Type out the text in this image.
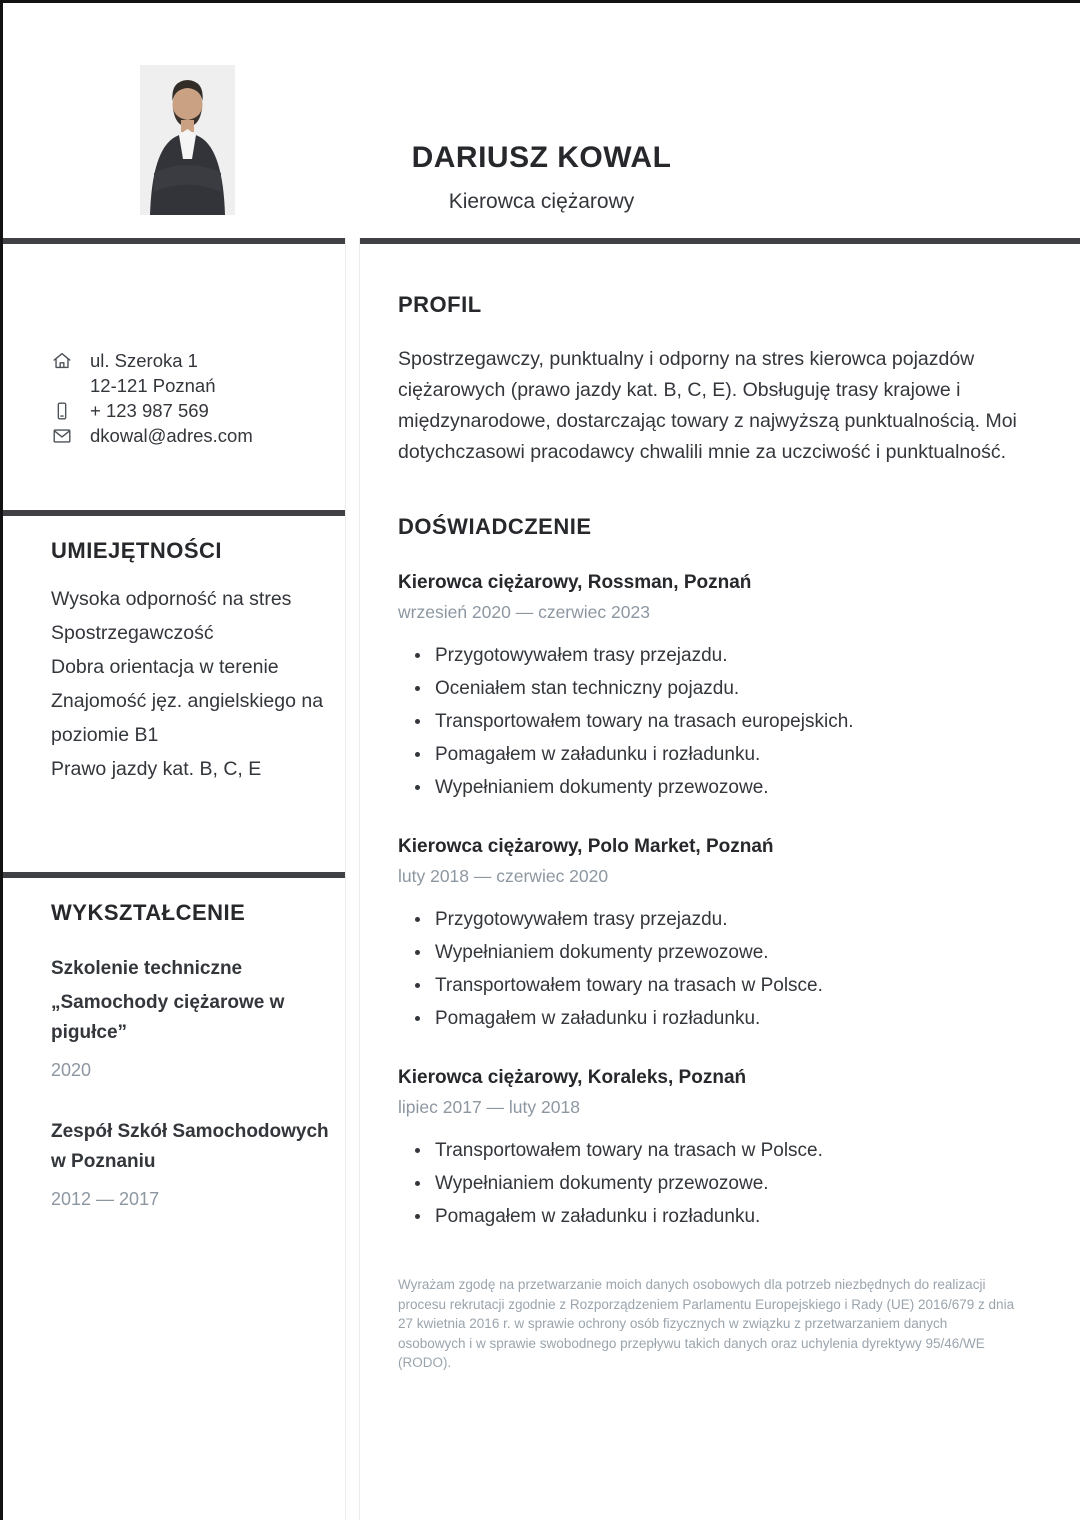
DARIUSZ KOWAL
Kierowca ciężarowy
ul. Szeroka 1
12-121 Poznań
+ 123 987 569
dkowal@adres.com
UMIEJĘTNOŚCI
Wysoka odporność na stres
Spostrzegawczość
Dobra orientacja w terenie
Znajomość jęz. angielskiego na poziomie B1
Prawo jazdy kat. B, C, E
WYKSZTAŁCENIE
Szkolenie techniczne
„Samochody ciężarowe w pigułce”
2020
Zespół Szkół Samochodowych w Poznaniu
2012 — 2017
PROFIL

Spostrzegawczy, punktualny i odporny na stres kierowca pojazdów ciężarowych (prawo jazdy kat. B, C, E). Obsługuję trasy krajowe i międzynarodowe, dostarczając towary z najwyższą punktualnością. Moi dotychczasowi pracodawcy chwalili mnie za uczciwość i punktualność.

DOŚWIADCZENIE
Kierowca ciężarowy, Rossman, Poznań
wrzesień 2020 — czerwiec 2023
Przygotowywałem trasy przejazdu.
Oceniałem stan techniczny pojazdu.
Transportowałem towary na trasach europejskich.
Pomagałem w załadunku i rozładunku.
Wypełnianiem dokumenty przewozowe.
Kierowca ciężarowy, Polo Market, Poznań
luty 2018 — czerwiec 2020
Przygotowywałem trasy przejazdu.
Wypełnianiem dokumenty przewozowe.
Transportowałem towary na trasach w Polsce.
Pomagałem w załadunku i rozładunku.
Kierowca ciężarowy, Koraleks, Poznań
lipiec 2017 — luty 2018
Transportowałem towary na trasach w Polsce.
Wypełnianiem dokumenty przewozowe.
Pomagałem w załadunku i rozładunku.

Wyrażam zgodę na przetwarzanie moich danych osobowych dla potrzeb niezbędnych do realizacji procesu rekrutacji zgodnie z Rozporządzeniem Parlamentu Europejskiego i Rady (UE) 2016/679 z dnia 27 kwietnia 2016 r. w sprawie ochrony osób fizycznych w związku z przetwarzaniem danych osobowych i w sprawie swobodnego przepływu takich danych oraz uchylenia dyrektywy 95/46/WE (RODO).
